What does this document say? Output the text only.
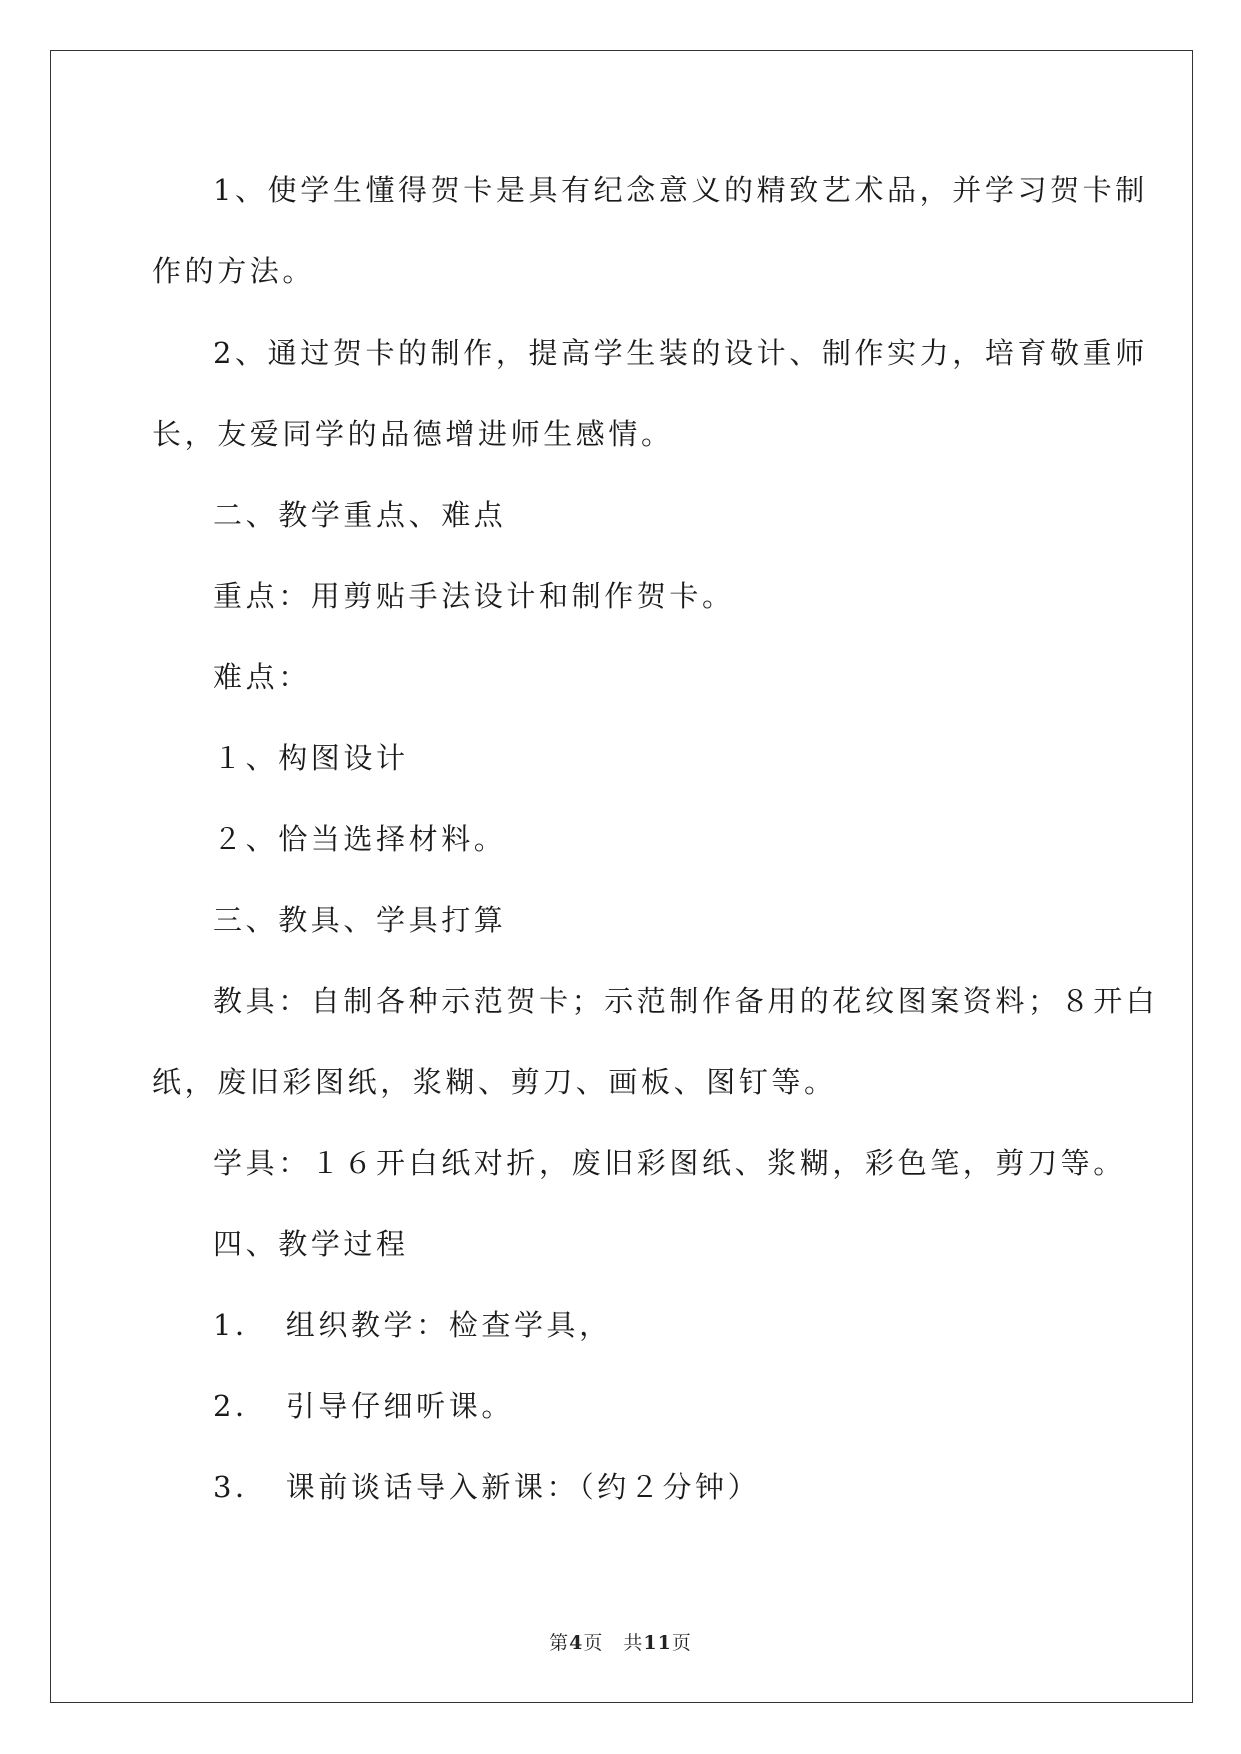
1、使学生懂得贺卡是具有纪念意义的精致艺术品，并学习贺卡制
作的方法。
2、通过贺卡的制作，提高学生装的设计、制作实力，培育敬重师
长，友爱同学的品德增进师生感情。
二、教学重点、难点
重点：用剪贴手法设计和制作贺卡。
难点：
１、构图设计
２、恰当选择材料。
三、教具、学具打算
教具：自制各种示范贺卡；示范制作备用的花纹图案资料；８开白
纸，废旧彩图纸，浆糊、剪刀、画板、图钉等。
学具：１６开白纸对折，废旧彩图纸、浆糊，彩色笔，剪刀等。
四、教学过程
1．　组织教学：检查学具，
2．　引导仔细听课。
3．　课前谈话导入新课：（约２分钟）
第4页　共11页
